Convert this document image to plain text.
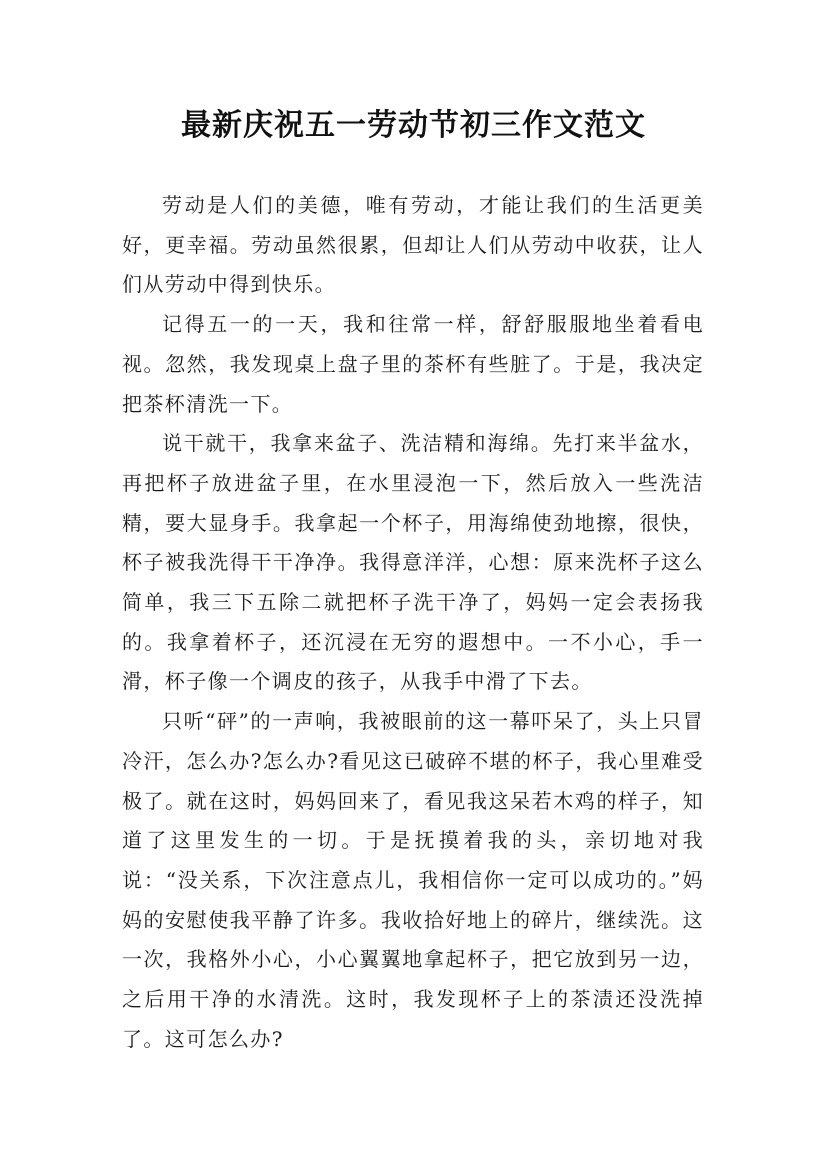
最新庆祝五一劳动节初三作文范文

劳动是人们的美德，唯有劳动，才能让我们的生活更美好，更幸福。劳动虽然很累，但却让人们从劳动中收获，让人们从劳动中得到快乐。

记得五一的一天，我和往常一样，舒舒服服地坐着看电视。忽然，我发现桌上盘子里的茶杯有些脏了。于是，我决定把茶杯清洗一下。

说干就干，我拿来盆子、洗洁精和海绵。先打来半盆水，再把杯子放进盆子里，在水里浸泡一下，然后放入一些洗洁精，要大显身手。我拿起一个杯子，用海绵使劲地擦，很快，杯子被我洗得干干净净。我得意洋洋，心想：原来洗杯子这么简单，我三下五除二就把杯子洗干净了，妈妈一定会表扬我的。我拿着杯子，还沉浸在无穷的遐想中。一不小心，手一滑，杯子像一个调皮的孩子，从我手中滑了下去。

只听“砰”的一声响，我被眼前的这一幕吓呆了，头上只冒冷汗，怎么办?怎么办?看见这已破碎不堪的杯子，我心里难受极了。就在这时，妈妈回来了，看见我这呆若木鸡的样子，知道了这里发生的一切。于是抚摸着我的头，亲切地对我说：“没关系，下次注意点儿，我相信你一定可以成功的。”妈妈的安慰使我平静了许多。我收拾好地上的碎片，继续洗。这一次，我格外小心，小心翼翼地拿起杯子，把它放到另一边，之后用干净的水清洗。这时，我发现杯子上的茶渍还没洗掉了。这可怎么办?
